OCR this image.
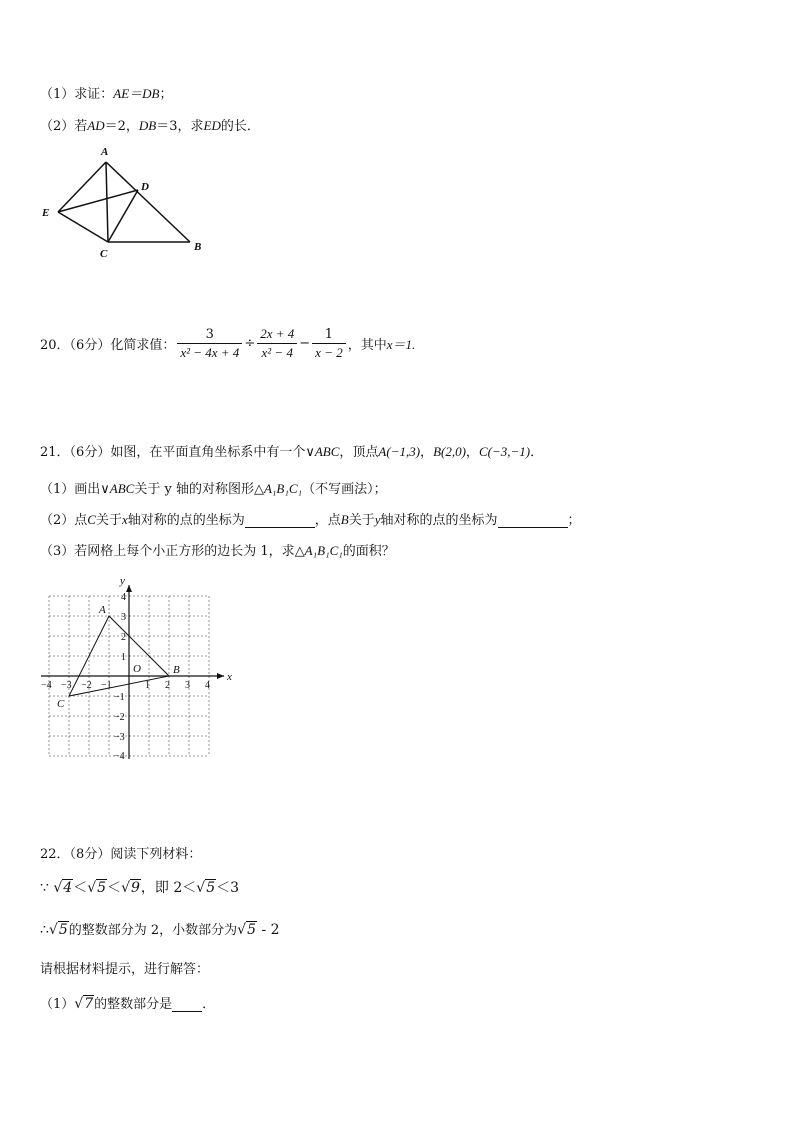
（1）求证：AE＝DB；
（2）若AD＝2，DB＝3，求ED的长．
A
B
C
D
E
20．（6分）化简求值： $\frac{3}{\text{x² − 4x + 4}} \div \frac{2x + 4}{\text{x² − 4}} - \frac{1}{x - 2}$ ，其中x＝1.
21．（6分）如图，在平面直角坐标系中有一个∨ABC，顶点A(−1,3)，B(2,0)，C(−3,−1)．
（1）画出∨ABC关于 y 轴的对称图形△A₁B₁C₁（不写画法）；
（2）点C关于x轴对称的点的坐标为	，点B关于y轴对称的点的坐标为	；
（3）若网格上每个小正方形的边长为 1，求△A₁B₁C₁的面积？
x
y
O
A
B
C
−4 −3 −2 −1	1 2 3 4
4
3
2
1
−1
−2
−3
−4
22．（8分）阅读下列材料：
∵ √4＜√5＜√9，即 2＜√5＜3
∴√5的整数部分为 2，小数部分为√5 - 2
请根据材料提示，进行解答：
（1）√7的整数部分是 ．
